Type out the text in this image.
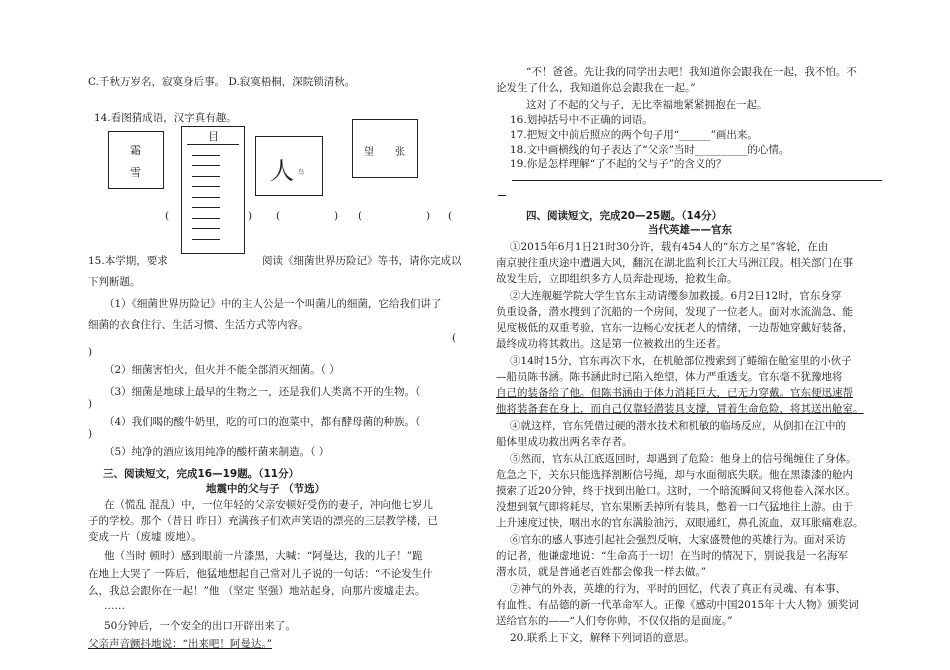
C.千秋万岁名，寂寞身后事。 D.寂寞梧桐，深院锁清秋。
14.看图猜成语，汉字真有趣。
霜
雪
目
人 鸟
望 张
(	) (	) (	) (
15.本学期，要求	阅读《细菌世界历险记》等书，请你完成以
下判断题。
（1）《细菌世界历险记》中的主人公是一个叫菌儿的细菌，它给我们讲了
(
细菌的衣食住行、生活习惯、生活方式等内容。
)
（2）细菌害怕火，但火并不能全部消灭细菌。（ ）
（3）细菌是地球上最早的生物之一，还是我们人类离不开的生物。（
)
（4）我们喝的酸牛奶里，吃的可口的泡菜中，都有酵母菌的种族。（
)
（5）纯净的酒应该用纯净的酸杆菌来制造。（ ）
三、阅读短文，完成16—19题。（11分）
地震中的父与子 （节选）
在（慌乱 混乱）中，一位年轻的父亲安顿好受伤的妻子，冲向他七岁儿
子的学校。那个（昔日 昨日）充满孩子们欢声笑语的漂亮的三层教学楼，已
变成一片（废墟 废地）。
他（当时 顿时）感到眼前一片漆黑，大喊：“阿曼达，我的儿子！”跪
在地上大哭了 一阵后，他猛地想起自己常对儿子说的一句话：“不论发生什
么，我总会跟你在一起！”他 （坚定 坚强）地站起身，向那片废墟走去。
……
50分钟后，一个安全的出口开辟出来了。
父亲声音颤抖地说：“出来吧！阿曼达。”
“不！爸爸。先让我的同学出去吧！我知道你会跟我在一起，我不怕。不
论发生了什么，我知道你总会跟我在一起。”
这对了不起的父与子，无比幸福地紧紧拥抱在一起。
16.划掉括号中不正确的词语。
17.把短文中前后照应的两个句子用“______”画出来。
18.文中画横线的句子表达了“父亲”当时__________的心情。
19.你是怎样理解“了不起的父与子”的含义的？
四、阅读短文，完成20—25题。（14分）
当代英雄——官东
①2015年6月1日21时30分许，载有454人的“东方之星”客轮，在由
南京驶往重庆途中遭遇大风，翻沉在湖北监利长江大马洲江段。相关部门在事
故发生后，立即组织多方人员奔赴现场，抢救生命。
②大连舰艇学院大学生官东主动请缨参加救援。6月2日12时，官东身穿
负重设备，潜水搜到了沉船的一个房间，发现了一位老人。面对水流湍急、能
见度极低的双重考验，官东一边畅心安抚老人的情绪，一边帮她穿戴好装备，
最终成功将其救出。这是第一位被救出的生还者。
③14时15分，官东再次下水，在机舱部位搜索到了蜷缩在舱室里的小伙子
—船员陈书涵。陈书涵此时已陷入绝望，体力严重透支。官东毫不犹豫地将
自己的装备给了他。但陈书涵由于体力消耗巨大，已无力穿戴。官东便迅速帮
他将装备套在身上，而自己仅靠轻潜装具支撑，冒着生命危险，将其送出舱室。
④就这样，官东凭借过硬的潜水技术和机敏的临场反应，从倒扣在江中的
船体里成功救出两名幸存者。
⑤然而，官东从江底返回时，却遇到了危险：他身上的信号绳缠住了身体。
危急之下，关东只能选择割断信号绳，却与水面彻底失联。他在黑漆漆的舱内
摸索了近20分钟，终于找到出舱口。这时，一个暗流瞬间又将他卷入深水区。
没想到氧气即将耗尽，官东果断丢掉所有装具，憋着一口气猛地往上游。由于
上升速度过快，咽出水的官东满脸油污，双眼通红，鼻孔流血，双耳胀痛难忍。
⑥官东的感人事迹引起社会强烈反响，大家盛赞他的英雄行为。面对采访
的记者，他谦虚地说：“生命高于一切！在当时的情况下，别说我是一名海军
潜水员，就是普通老百姓都会像我一样去做。”
⑦神气的外表，英雄的行为，平时的回忆，代表了真正有灵魂、有本事、
有血性、有品德的新一代革命军人。正像《感动中国2015年十大人物》颁奖词
送给官东的——“人们夸你帅，不仅仅指的是面庞。”
20.联系上下文，解释下列词语的意思。
